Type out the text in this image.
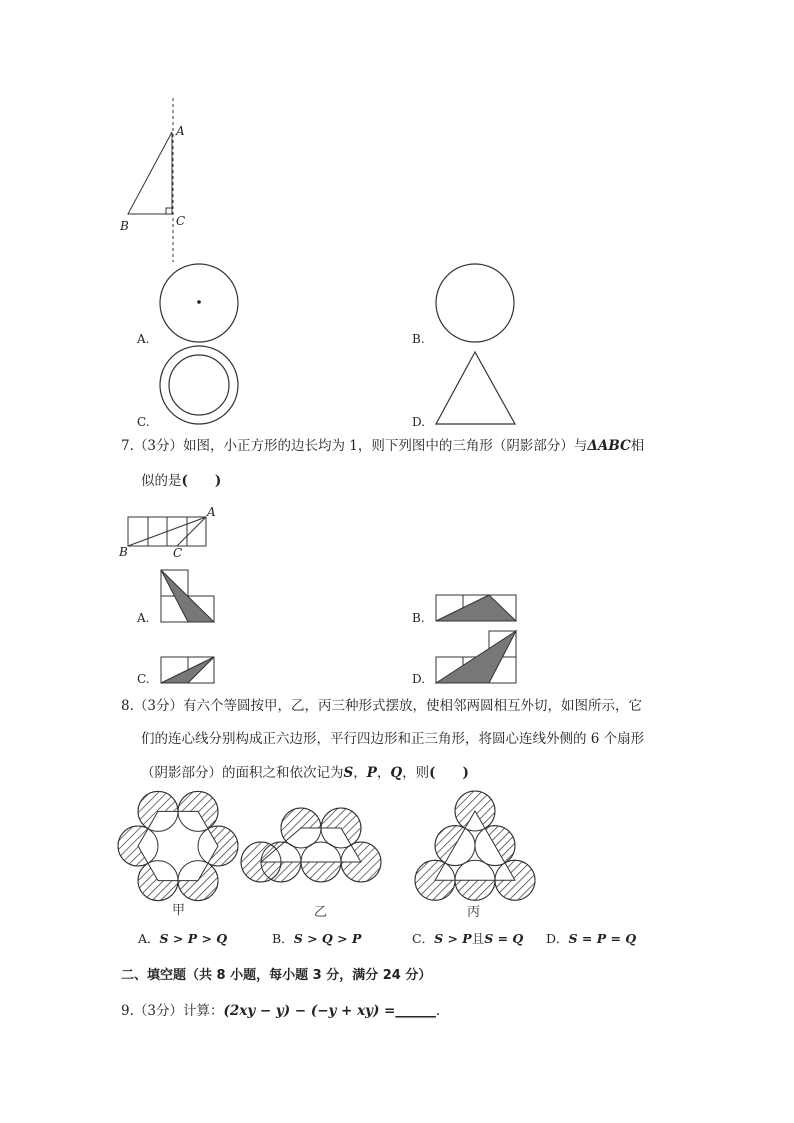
A
B	C
A.	B.
C.	D.
7.（3分）如图，小正方形的边长均为 1，则下列图中的三角形（阴影部分）与ΔABC相
似的是(　　)
A
B	C
A.	B.
C.	D.
8.（3分）有六个等圆按甲，乙，丙三种形式摆放，使相邻两圆相互外切，如图所示，它
们的连心线分别构成正六边形，平行四边形和正三角形，将圆心连线外侧的 6 个扇形
（阴影部分）的面积之和依次记为S，P，Q，则(　　)
甲	乙	丙
A．S > P > Q	B．S > Q > P	C．S > P且S = Q D．S = P = Q
二、填空题（共 8 小题，每小题 3 分，满分 24 分）
9.（3分）计算：(2xy − y) − (−y + xy) =______.
